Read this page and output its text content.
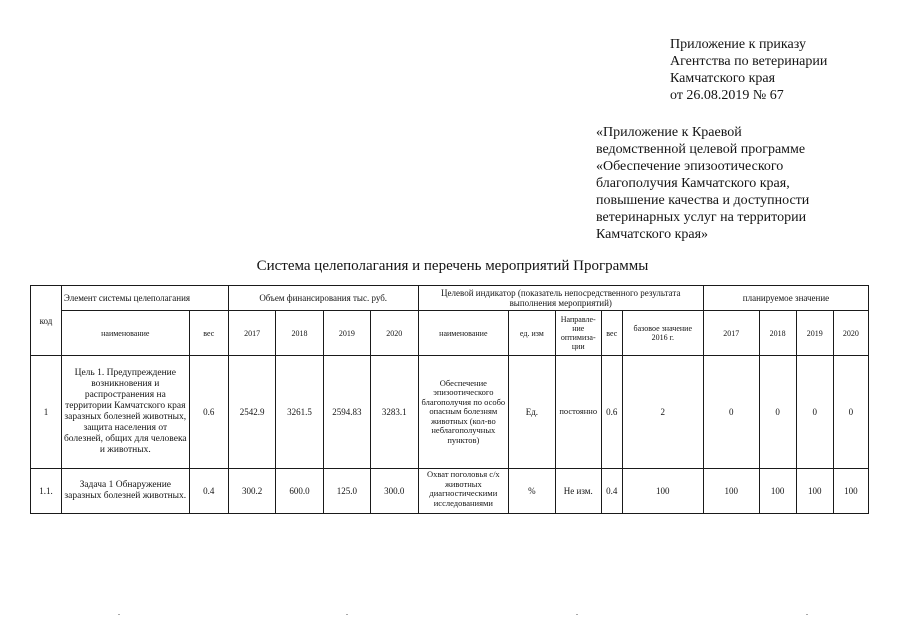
Приложение к приказу
Агентства по ветеринарии
Камчатского края
от 26.08.2019 № 67
«Приложение к Краевой
ведомственной целевой программе
«Обеспечение эпизоотического
благополучия Камчатского края,
повышение качества и доступности
ветеринарных услуг на территории
Камчатского края»
Система целеполагания и перечень мероприятий Программы
код	Элемент системы целеполагания		Объем финансирования тыс. руб.				Целевой индикатор (показатель непосредственного результата выполнения мероприятий)					планируемое значение			
	наименование	вес	2017	2018	2019	2020	наименование	ед. изм	Направле-ние оптимиза-ции	вес	базовое значение 2016 г.	2017	2018	2019	2020
1	Цель 1. Предупреждение возникновения и распространения на территории Камчатского края заразных болезней животных, защита населения от болезней, общих для человека и животных.	0.6	2542.9	3261.5	2594.83	3283.1	Обеспечение эпизоотического благополучия по особо опасным болезням животных (кол-во неблагополучных пунктов)	Ед.	постоянно	0.6	2	0	0	0	0
1.1.	Задача 1 Обнаружение заразных болезней животных.	0.4	300.2	600.0	125.0	300.0	Охват поголовья с/х животных диагностическими исследованиями	%	Не изм.	0.4	100	100	100	100	100
.	.	.	.
